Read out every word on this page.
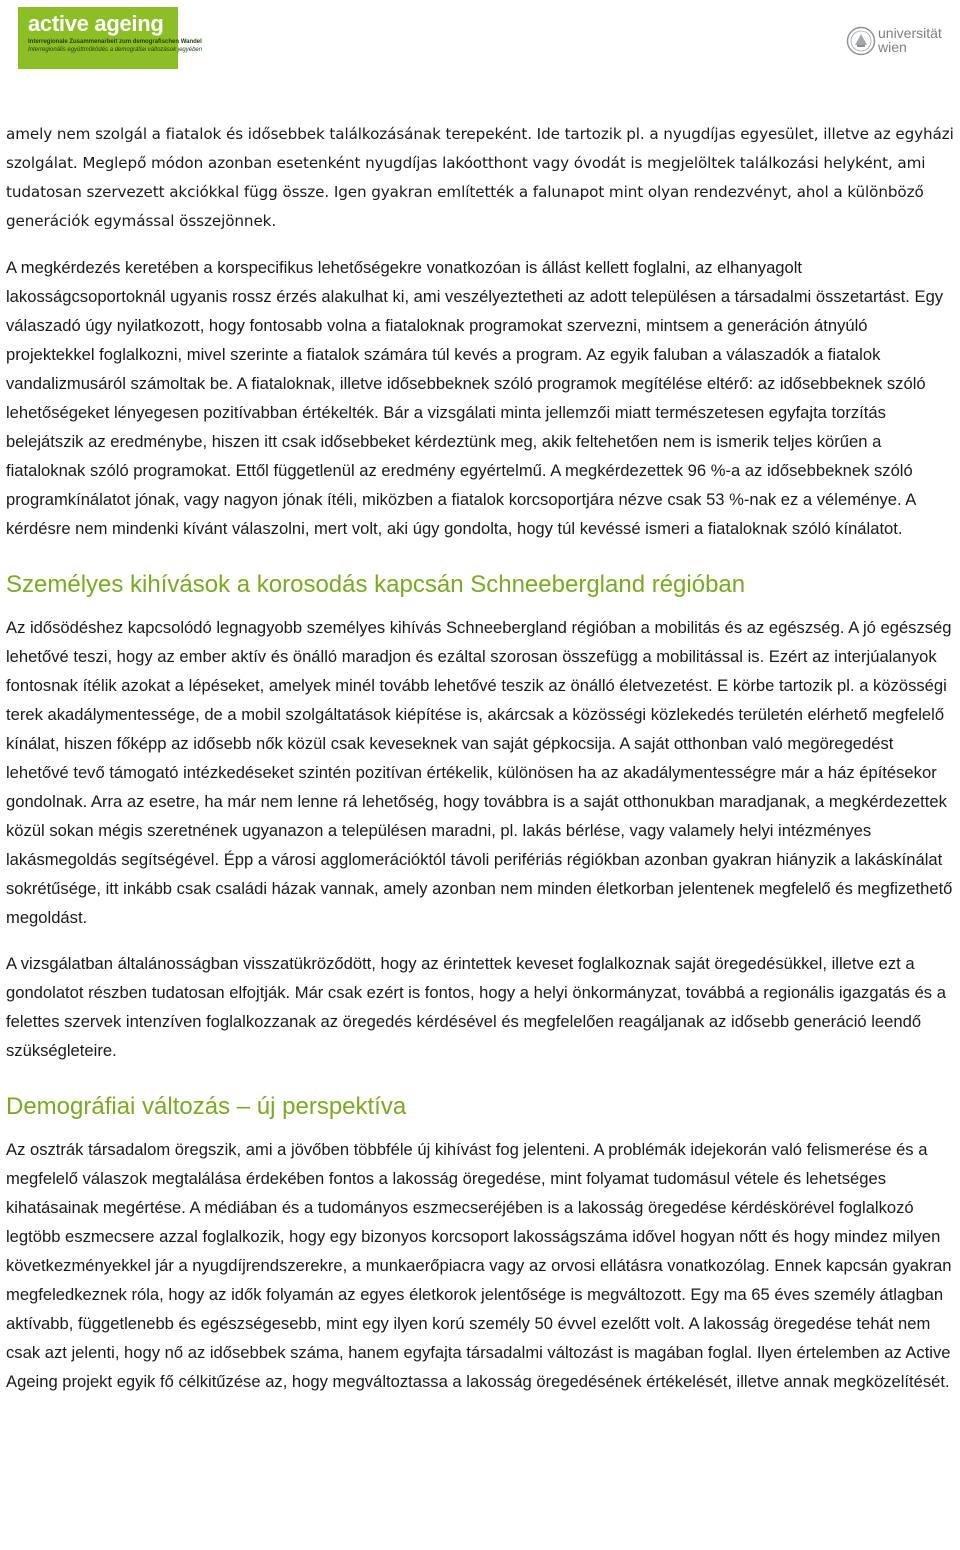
active ageing
Interregionale Zusammenarbeit zum demografischen Wandel
Interregionális együttműködés a demográfiai változások jegyében
universität
wien

amely nem szolgál a fiatalok és idősebbek találkozásának terepeként. Ide tartozik pl. a nyugdíjas egyesület, illetve az egyházi szolgálat. Meglepő módon azonban esetenként nyugdíjas lakóotthont vagy óvodát is megjelöltek találkozási helyként, ami tudatosan szervezett akciókkal függ össze. Igen gyakran említették a falunapot mint olyan rendezvényt, ahol a különböző generációk egymással összejönnek.

A megkérdezés keretében a korspecifikus lehetőségekre vonatkozóan is állást kellett foglalni, az elhanyagolt lakosságcsoportoknál ugyanis rossz érzés alakulhat ki, ami veszélyeztetheti az adott településen a társadalmi összetartást. Egy válaszadó úgy nyilatkozott, hogy fontosabb volna a fiataloknak programokat szervezni, mintsem a generáción átnyúló projektekkel foglalkozni, mivel szerinte a fiatalok számára túl kevés a program. Az egyik faluban a válaszadók a fiatalok vandalizmusáról számoltak be. A fiataloknak, illetve idősebbeknek szóló programok megítélése eltérő: az idősebbeknek szóló lehetőségeket lényegesen pozitívabban értékelték. Bár a vizsgálati minta jellemzői miatt természetesen egyfajta torzítás belejátszik az eredménybe, hiszen itt csak idősebbeket kérdeztünk meg, akik feltehetően nem is ismerik teljes körűen a fiataloknak szóló programokat. Ettől függetlenül az eredmény egyértelmű. A megkérdezettek 96 %-a az idősebbeknek szóló programkínálatot jónak, vagy nagyon jónak ítéli, miközben a fiatalok korcsoportjára nézve csak 53 %-nak ez a véleménye. A kérdésre nem mindenki kívánt válaszolni, mert volt, aki úgy gondolta, hogy túl kevéssé ismeri a fiataloknak szóló kínálatot.

Személyes kihívások a korosodás kapcsán Schneebergland régióban

Az idősödéshez kapcsolódó legnagyobb személyes kihívás Schneebergland régióban a mobilitás és az egészség. A jó egészség lehetővé teszi, hogy az ember aktív és önálló maradjon és ezáltal szorosan összefügg a mobilitással is. Ezért az interjúalanyok fontosnak ítélik azokat a lépéseket, amelyek minél tovább lehetővé teszik az önálló életvezetést. E körbe tartozik pl. a közösségi terek akadálymentessége, de a mobil szolgáltatások kiépítése is, akárcsak a közösségi közlekedés területén elérhető megfelelő kínálat, hiszen főképp az idősebb nők közül csak keveseknek van saját gépkocsija. A saját otthonban való megöregedést lehetővé tevő támogató intézkedéseket szintén pozitívan értékelik, különösen ha az akadálymentességre már a ház építésekor gondolnak. Arra az esetre, ha már nem lenne rá lehetőség, hogy továbbra is a saját otthonukban maradjanak, a megkérdezettek közül sokan mégis szeretnének ugyanazon a településen maradni, pl. lakás bérlése, vagy valamely helyi intézményes lakásmegoldás segítségével. Épp a városi agglomerációktól távoli perifériás régiókban azonban gyakran hiányzik a lakáskínálat sokrétűsége, itt inkább csak családi házak vannak, amely azonban nem minden életkorban jelentenek megfelelő és megfizethető megoldást.

A vizsgálatban általánosságban visszatükröződött, hogy az érintettek keveset foglalkoznak saját öregedésükkel, illetve ezt a gondolatot részben tudatosan elfojtják. Már csak ezért is fontos, hogy a helyi önkormányzat, továbbá a regionális igazgatás és a felettes szervek intenzíven foglalkozzanak az öregedés kérdésével és megfelelően reagáljanak az idősebb generáció leendő szükségleteire.

Demográfiai változás – új perspektíva

Az osztrák társadalom öregszik, ami a jövőben többféle új kihívást fog jelenteni. A problémák idejekorán való felismerése és a megfelelő válaszok megtalálása érdekében fontos a lakosság öregedése, mint folyamat tudomásul vétele és lehetséges kihatásainak megértése. A médiában és a tudományos eszmecseréjében is a lakosság öregedése kérdéskörével foglalkozó legtöbb eszmecsere azzal foglalkozik, hogy egy bizonyos korcsoport lakosságszáma idővel hogyan nőtt és hogy mindez milyen következményekkel jár a nyugdíjrendszerekre, a munkaerőpiacra vagy az orvosi ellátásra vonatkozólag. Ennek kapcsán gyakran megfeledkeznek róla, hogy az idők folyamán az egyes életkorok jelentősége is megváltozott. Egy ma 65 éves személy átlagban aktívabb, függetlenebb és egészségesebb, mint egy ilyen korú személy 50 évvel ezelőtt volt. A lakosság öregedése tehát nem csak azt jelenti, hogy nő az idősebbek száma, hanem egyfajta társadalmi változást is magában foglal. Ilyen értelemben az Active Ageing projekt egyik fő célkitűzése az, hogy megváltoztassa a lakosság öregedésének értékelését, illetve annak megközelítését.
